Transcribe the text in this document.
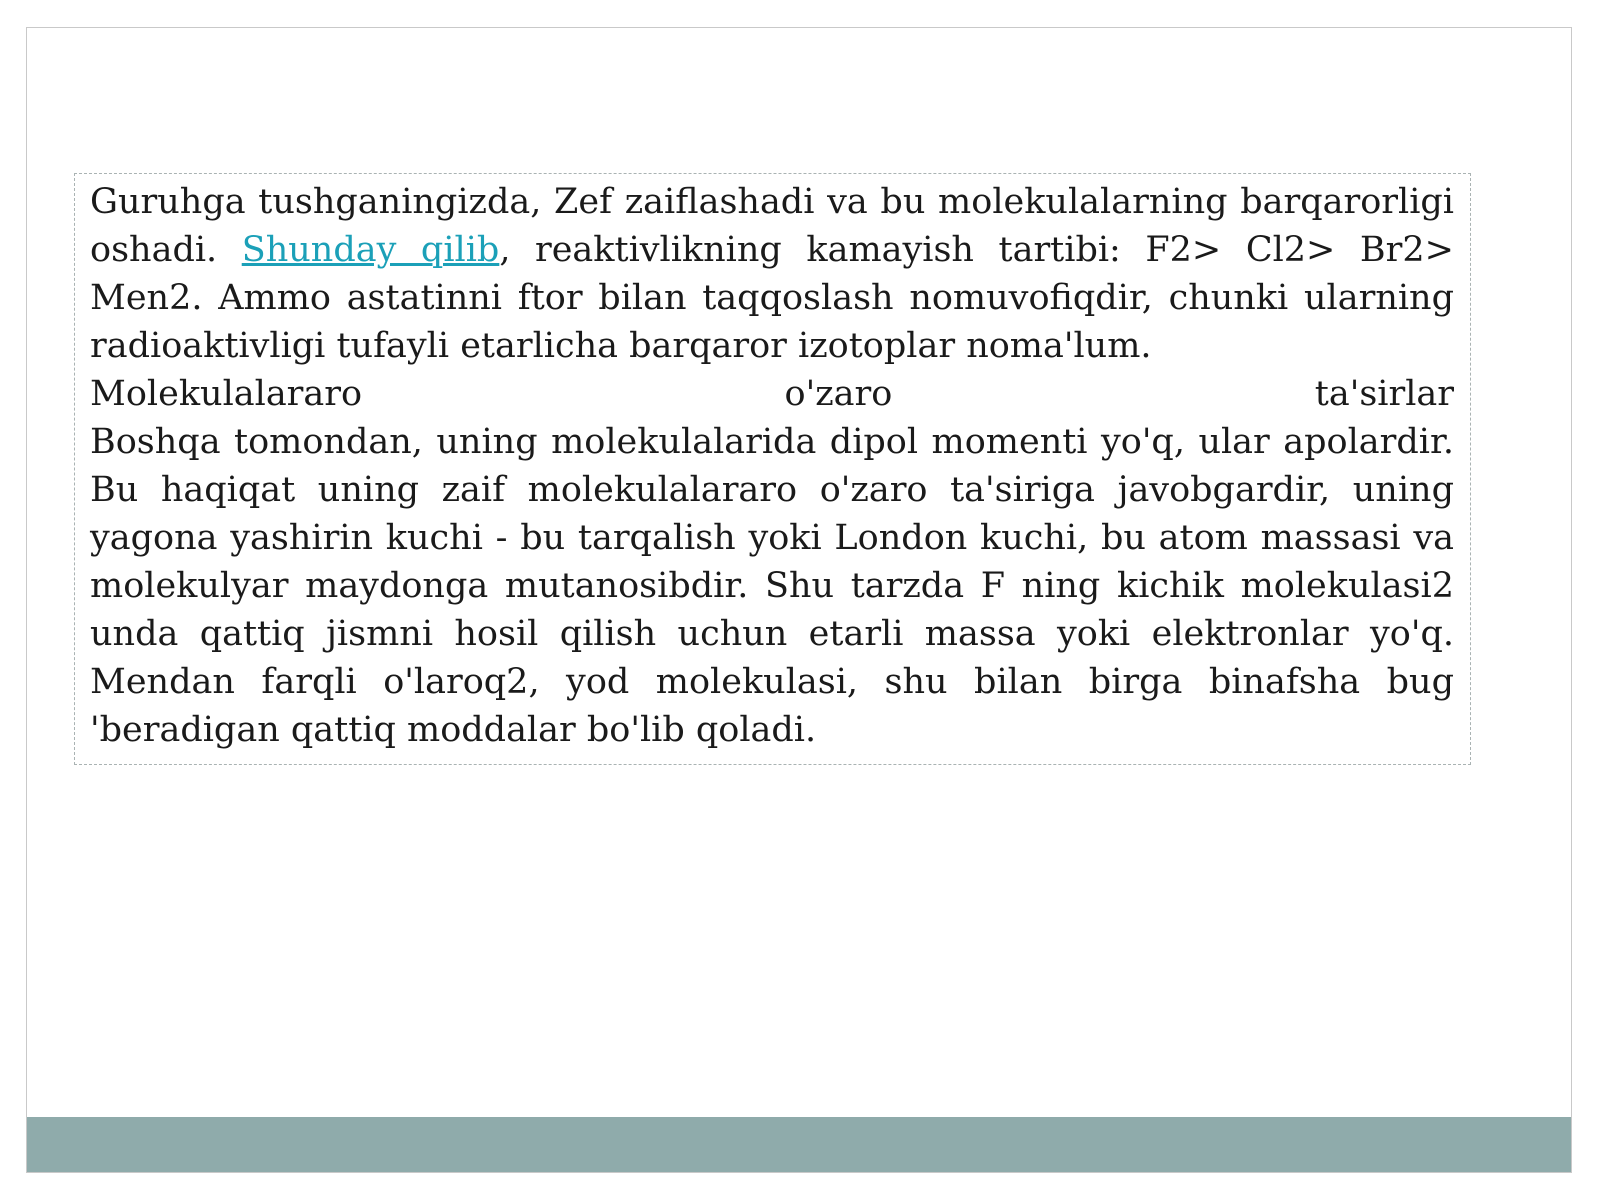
Guruhga tushganingizda, Zef zaiflashadi va bu molekulalarning barqarorligi oshadi. Shunday qilib, reaktivlikning kamayish tartibi: F2> Cl2> Br2> Men2. Ammo astatinni ftor bilan taqqoslash nomuvofiqdir, chunki ularning radioaktivligi tufayli etarlicha barqaror izotoplar noma'lum.

Molekulalararo o'zaro ta'sirlar

Boshqa tomondan, uning molekulalarida dipol momenti yo'q, ular apolardir. Bu haqiqat uning zaif molekulalararo o'zaro ta'siriga javobgardir, uning yagona yashirin kuchi - bu tarqalish yoki London kuchi, bu atom massasi va molekulyar maydonga mutanosibdir. Shu tarzda F ning kichik molekulasi2 unda qattiq jismni hosil qilish uchun etarli massa yoki elektronlar yo'q. Mendan farqli o'laroq2, yod molekulasi, shu bilan birga binafsha bug 'beradigan qattiq moddalar bo'lib qoladi.
